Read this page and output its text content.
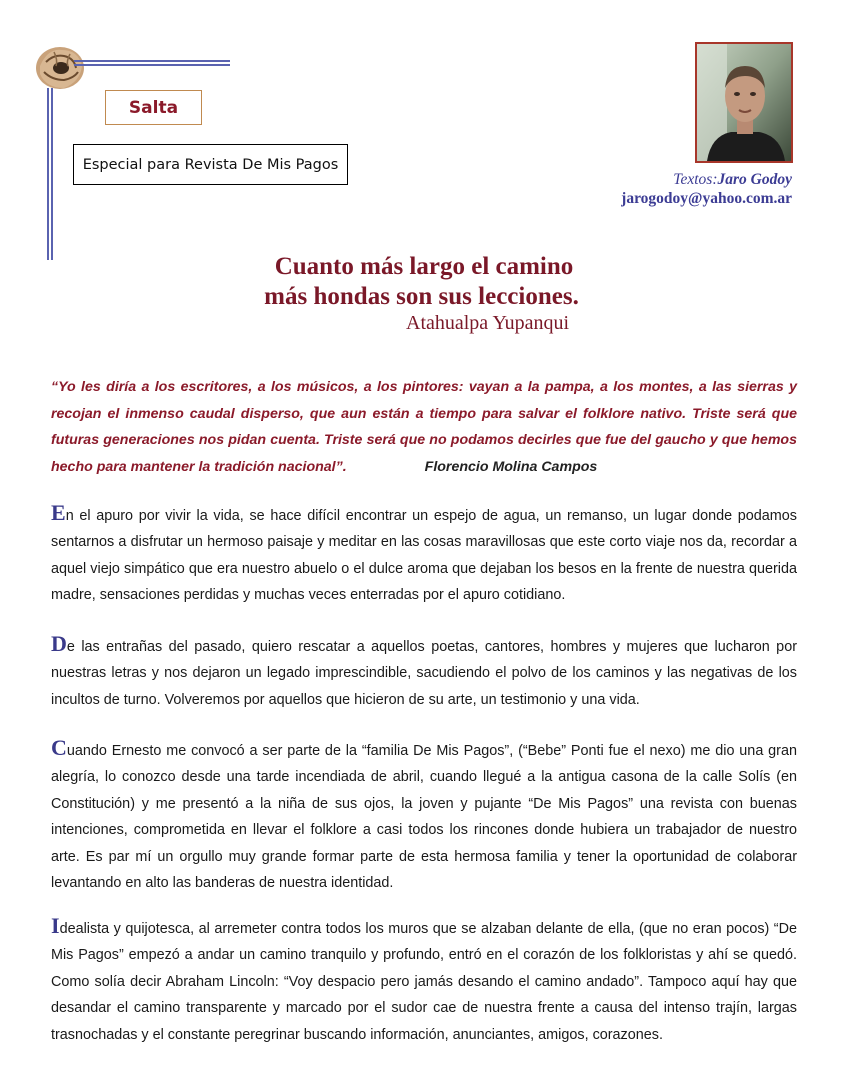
Salta
Especial para Revista De Mis Pagos
Textos:Jaro Godoy
jarogodoy@yahoo.com.ar
Cuanto más largo el camino
más hondas son sus lecciones.
Atahualpa Yupanqui
“Yo les diría a los escritores, a los músicos, a los pintores: vayan a la pampa, a los montes, a las sierras y recojan el inmenso caudal disperso, que aun están a tiempo para salvar el folklore nativo. Triste será que futuras generaciones nos pidan cuenta. Triste será que no podamos decirles que fue del gaucho y que hemos hecho para mantener la tradición nacional”.	Florencio Molina Campos
En el apuro por vivir la vida, se hace difícil encontrar un espejo de agua, un remanso, un lugar donde podamos sentarnos a disfrutar un hermoso paisaje y meditar en las cosas maravillosas que este corto viaje nos da, recordar a aquel viejo simpático que era nuestro abuelo o el dulce aroma que dejaban los besos en la frente de nuestra querida madre, sensaciones perdidas y muchas veces enterradas por el apuro cotidiano.
De las entrañas del pasado, quiero rescatar a aquellos poetas, cantores, hombres y mujeres que lucharon por nuestras letras y nos dejaron un legado imprescindible, sacudiendo el polvo de los caminos y las negativas de los incultos de turno. Volveremos por aquellos que hicieron de su arte, un testimonio y una vida.
Cuando Ernesto me convocó a ser parte de la “familia De Mis Pagos”, (“Bebe” Ponti fue el nexo) me dio una gran alegría, lo conozco desde una tarde incendiada de abril, cuando llegué a la antigua casona de la calle Solís (en Constitución) y me presentó a la niña de sus ojos, la joven y pujante “De Mis Pagos” una revista con buenas intenciones, comprometida en llevar el folklore a casi todos los rincones donde hubiera un trabajador de nuestro arte. Es par mí un orgullo muy grande formar parte de esta hermosa familia y tener la oportunidad de colaborar levantando en alto las banderas de nuestra identidad.
Idealista y quijotesca, al arremeter contra todos los muros que se alzaban delante de ella, (que no eran pocos) “De Mis Pagos” empezó a andar un camino tranquilo y profundo, entró en el corazón de los folkloristas y ahí se quedó. Como solía decir Abraham Lincoln: “Voy despacio pero jamás desando el camino andado”. Tampoco aquí hay que desandar el camino transparente y marcado por el sudor cae de nuestra frente a causa del intenso trajín, largas trasnochadas y el constante peregrinar buscando información, anunciantes, amigos, corazones.
